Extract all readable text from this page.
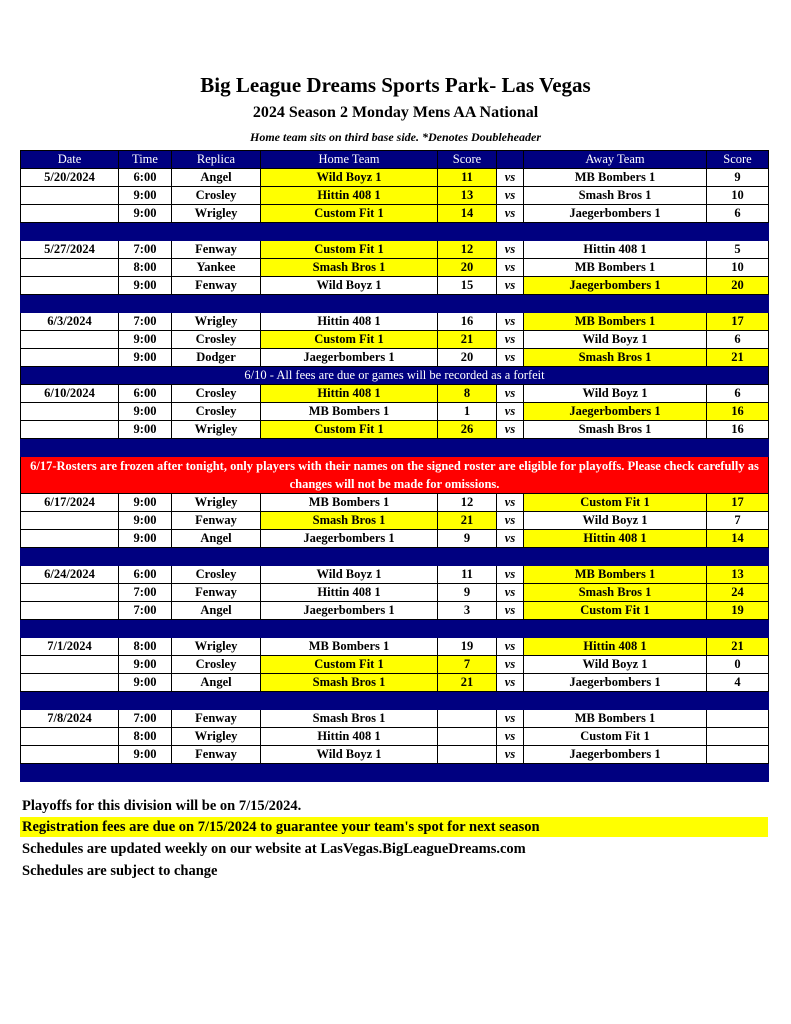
Big League Dreams Sports Park- Las Vegas
2024 Season 2 Monday Mens AA National
Home team sits on third base side. *Denotes Doubleheader
Date	Time	Replica	Home Team	Score		Away Team	Score
5/20/2024	6:00	Angel	Wild Boyz 1	11	vs	MB Bombers 1	9
	9:00	Crosley	Hittin 408 1	13	vs	Smash Bros 1	10
	9:00	Wrigley	Custom Fit 1	14	vs	Jaegerbombers 1	6

5/27/2024	7:00	Fenway	Custom Fit 1	12	vs	Hittin 408 1	5
	8:00	Yankee	Smash Bros 1	20	vs	MB Bombers 1	10
	9:00	Fenway	Wild Boyz 1	15	vs	Jaegerbombers 1	20

6/3/2024	7:00	Wrigley	Hittin 408 1	16	vs	MB Bombers 1	17
	9:00	Crosley	Custom Fit 1	21	vs	Wild Boyz 1	6
	9:00	Dodger	Jaegerbombers 1	20	vs	Smash Bros 1	21
6/10 - All fees are due or games will be recorded as a forfeit							
6/10/2024	6:00	Crosley	Hittin 408 1	8	vs	Wild Boyz 1	6
	9:00	Crosley	MB Bombers 1	1	vs	Jaegerbombers 1	16
	9:00	Wrigley	Custom Fit 1	26	vs	Smash Bros 1	16

6/17-Rosters are frozen after tonight, only players with their names on the signed roster are eligible for playoffs. Please check carefully as changes will not be made for omissions.							
6/17/2024	9:00	Wrigley	MB Bombers 1	12	vs	Custom Fit 1	17
	9:00	Fenway	Smash Bros 1	21	vs	Wild Boyz 1	7
	9:00	Angel	Jaegerbombers 1	9	vs	Hittin 408 1	14

6/24/2024	6:00	Crosley	Wild Boyz 1	11	vs	MB Bombers 1	13
	7:00	Fenway	Hittin 408 1	9	vs	Smash Bros 1	24
	7:00	Angel	Jaegerbombers 1	3	vs	Custom Fit 1	19

7/1/2024	8:00	Wrigley	MB Bombers 1	19	vs	Hittin 408 1	21
	9:00	Crosley	Custom Fit 1	7	vs	Wild Boyz 1	0
	9:00	Angel	Smash Bros 1	21	vs	Jaegerbombers 1	4

7/8/2024	7:00	Fenway	Smash Bros 1		vs	MB Bombers 1	
	8:00	Wrigley	Hittin 408 1		vs	Custom Fit 1	
	9:00	Fenway	Wild Boyz 1		vs	Jaegerbombers 1	

Playoffs for this division will be on 7/15/2024.
Registration fees are due on 7/15/2024 to guarantee your team's spot for next season
Schedules are updated weekly on our website at LasVegas.BigLeagueDreams.com
Schedules are subject to change
